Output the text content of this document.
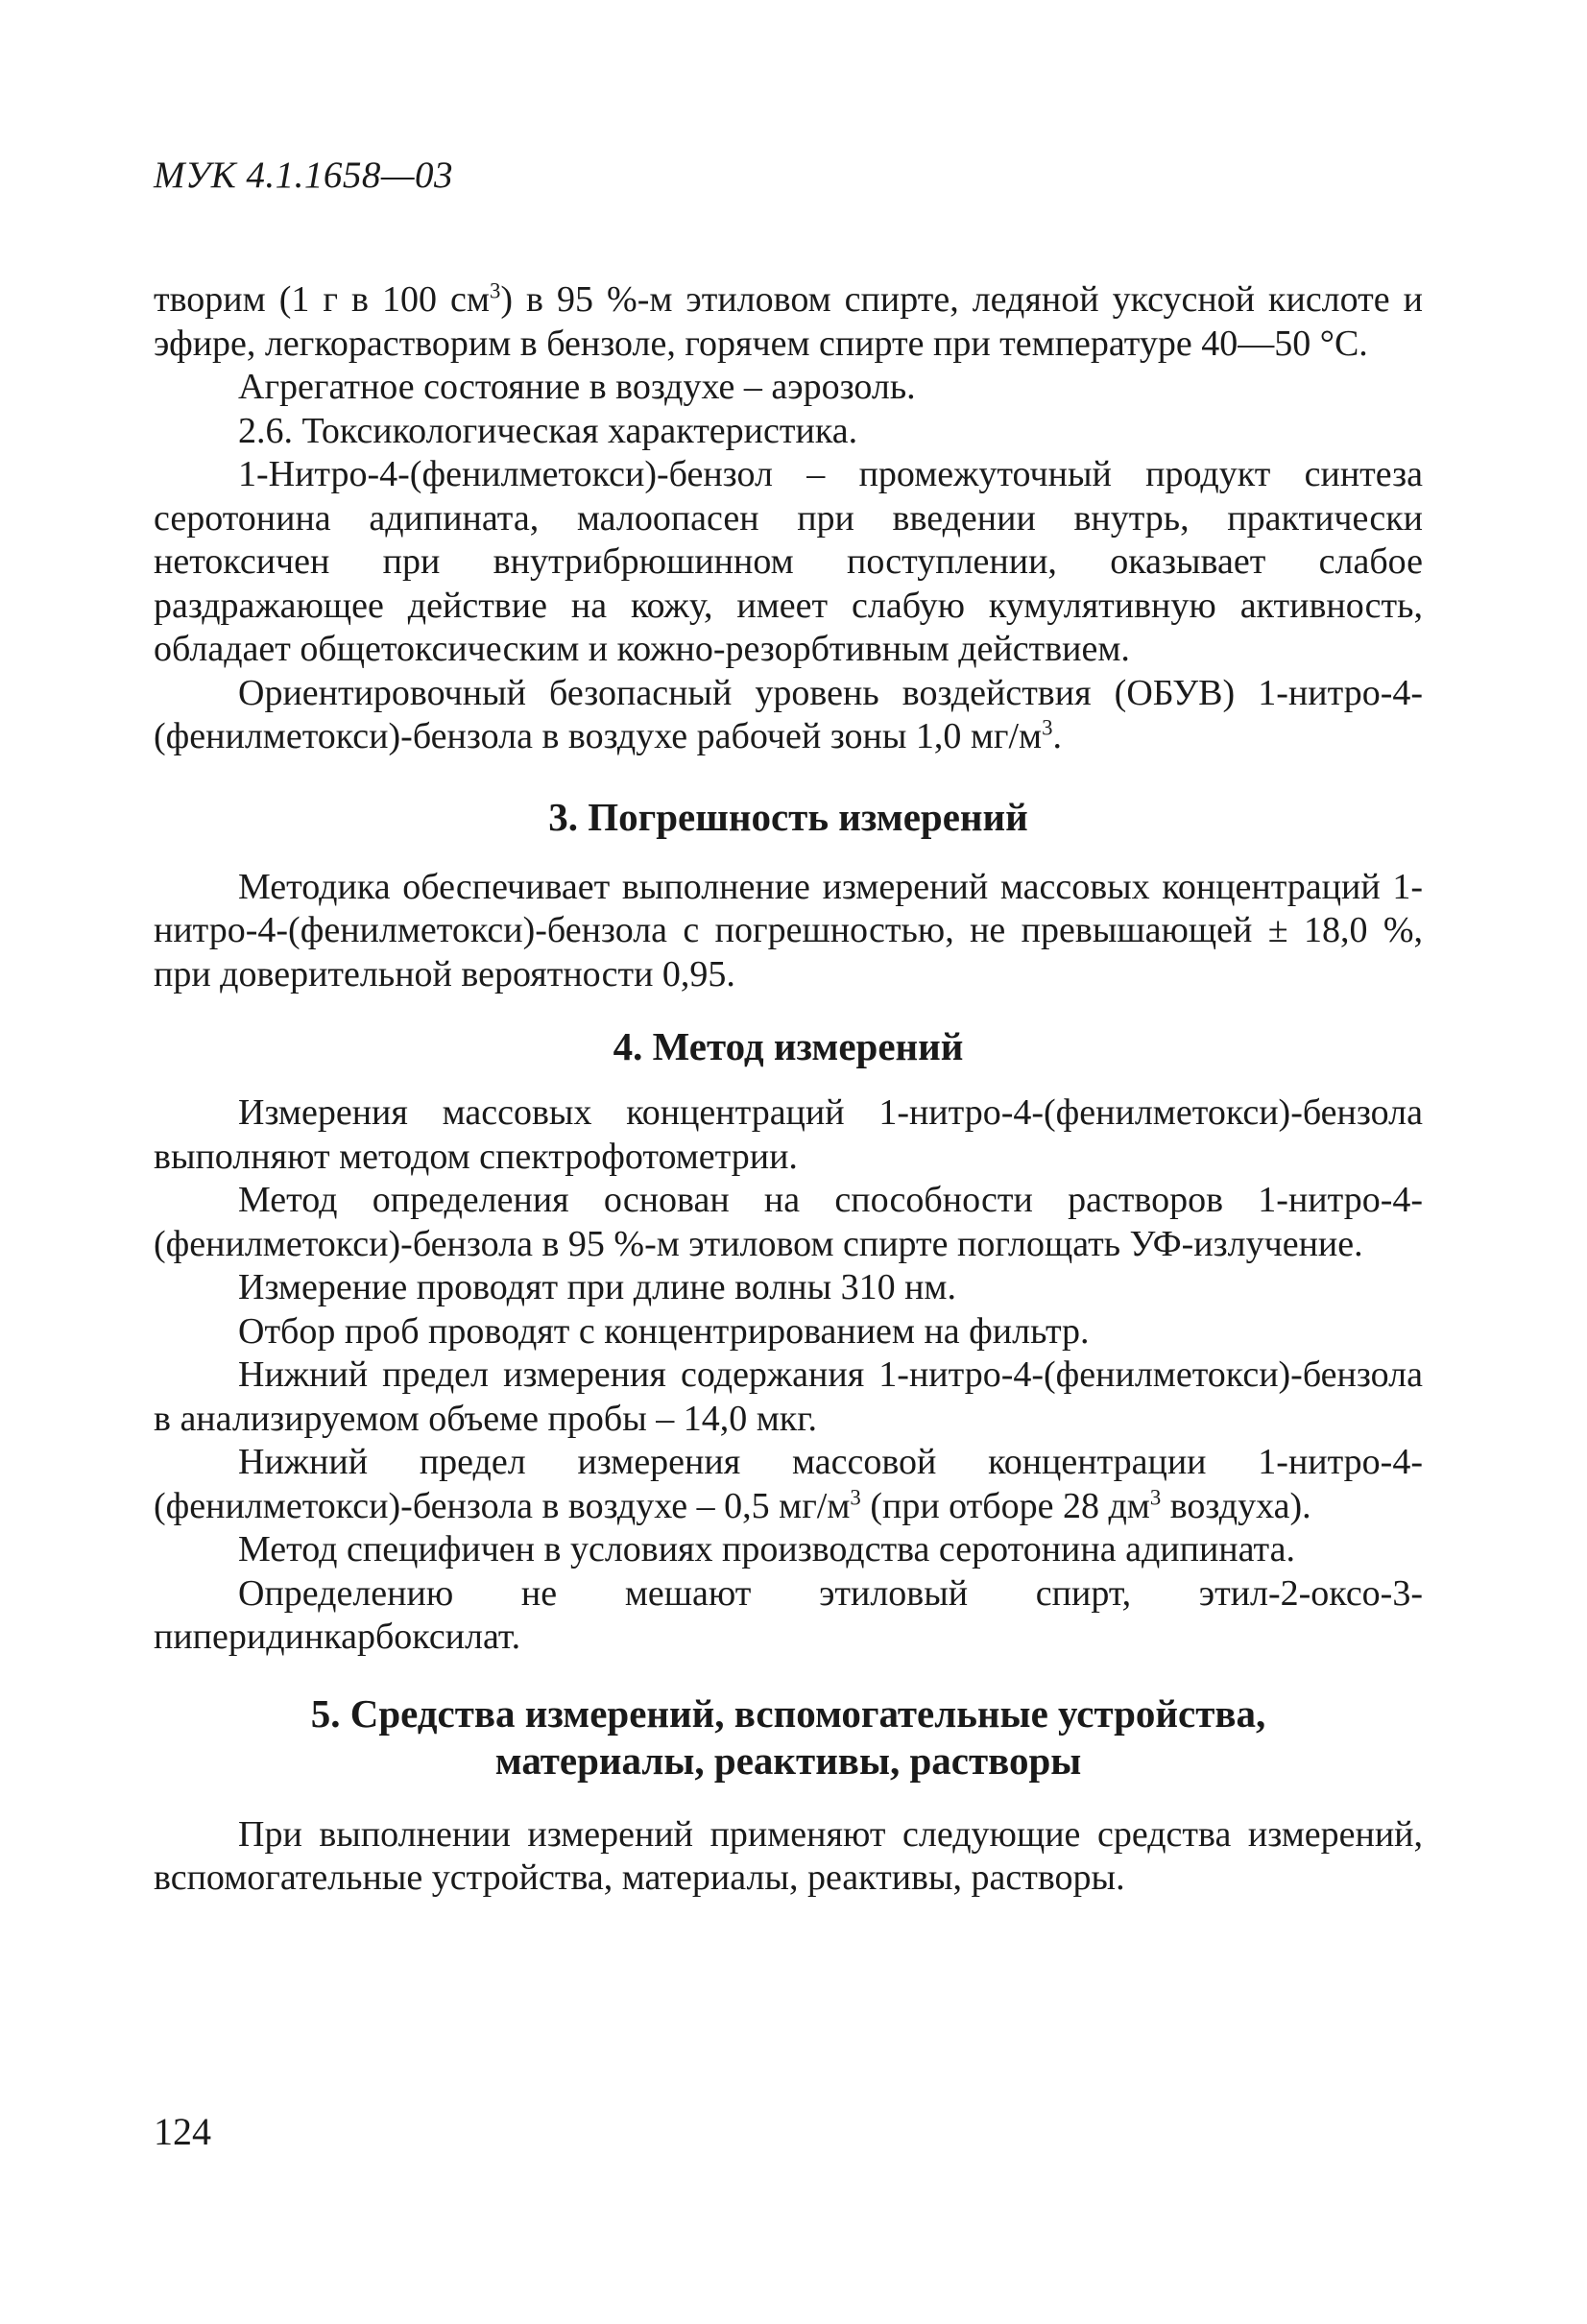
МУК 4.1.1658—03

творим (1 г в 100 $см^3$) в 95 %-м этиловом спирте, ледяной уксусной кислоте и эфире, легкорастворим в бензоле, горячем спирте при температуре 40—50 °С.

Агрегатное состояние в воздухе – аэрозоль.

2.6. Токсикологическая характеристика.

1-Нитро-4-(фенилметокси)-бензол – промежуточный продукт синтеза серотонина адипината, малоопасен при введении внутрь, практически нетоксичен при внутрибрюшинном поступлении, оказывает слабое раздражающее действие на кожу, имеет слабую кумулятивную активность, обладает общетоксическим и кожно-резорбтивным действием.

Ориентировочный безопасный уровень воздействия (ОБУВ) 1-нитро-4-(фенилметокси)-бензола в воздухе рабочей зоны 1,0 $мг/м^3$.

3. Погрешность измерений

Методика обеспечивает выполнение измерений массовых концентраций 1-нитро-4-(фенилметокси)-бензола с погрешностью, не превышающей ± 18,0 %, при доверительной вероятности 0,95.

4. Метод измерений

Измерения массовых концентраций 1-нитро-4-(фенилметокси)-бензола выполняют методом спектрофотометрии.

Метод определения основан на способности растворов 1-нитро-4-(фенилметокси)-бензола в 95 %-м этиловом спирте поглощать УФ-излучение.

Измерение проводят при длине волны 310 нм.

Отбор проб проводят с концентрированием на фильтр.

Нижний предел измерения содержания 1-нитро-4-(фенилметокси)-бензола в анализируемом объеме пробы – 14,0 мкг.

Нижний предел измерения массовой концентрации 1-нитро-4-(фенилметокси)-бензола в воздухе – 0,5 $мг/м^3$ (при отборе 28 $дм^3$ воздуха).

Метод специфичен в условиях производства серотонина адипината.

Определению не мешают этиловый спирт, этил-2-оксо-3-пиперидинкарбоксилат.

5. Средства измерений, вспомогательные устройства,
материалы, реактивы, растворы

При выполнении измерений применяют следующие средства измерений, вспомогательные устройства, материалы, реактивы, растворы.

124
